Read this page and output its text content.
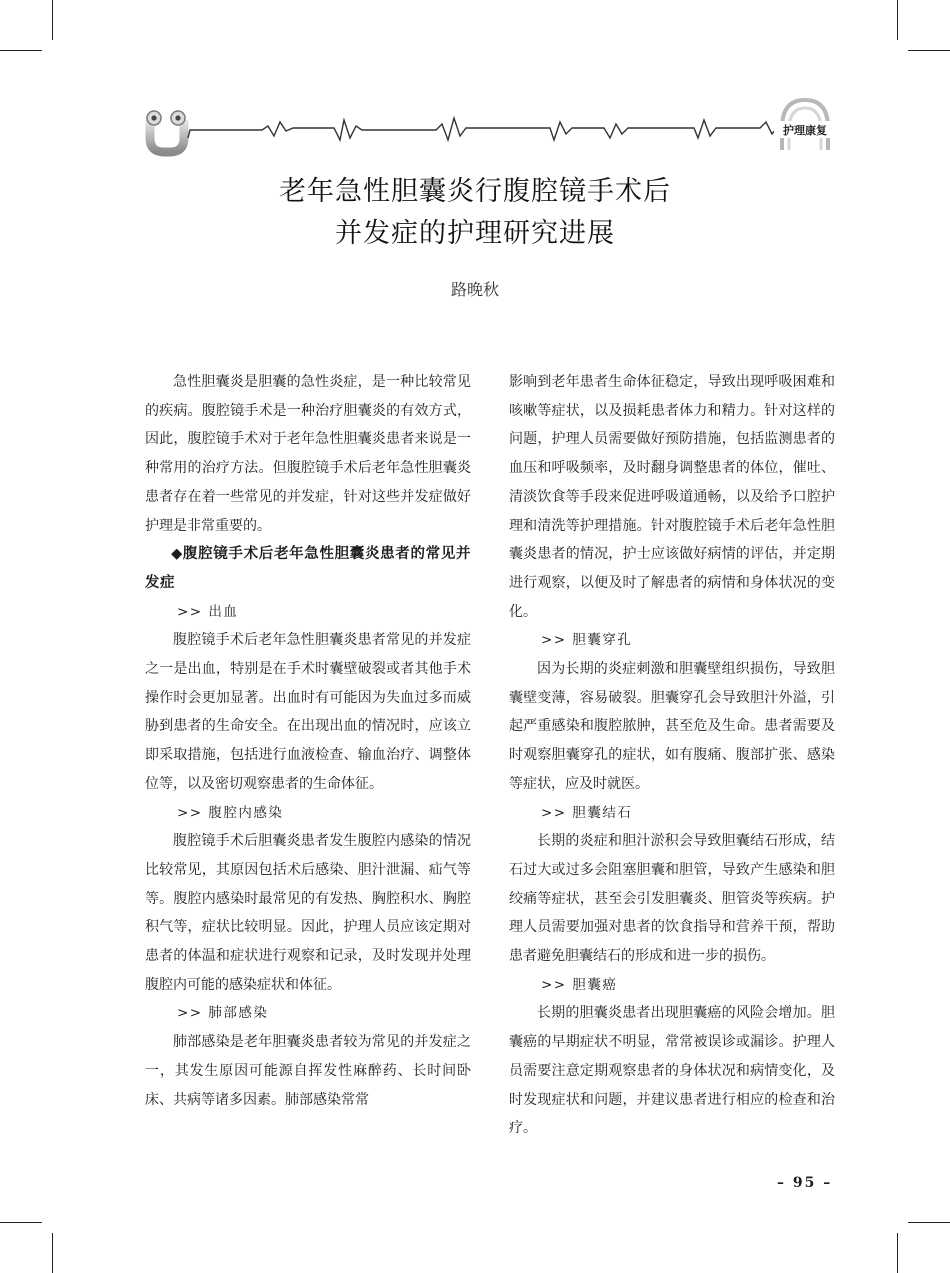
护理康复
老年急性胆囊炎行腹腔镜手术后
并发症的护理研究进展
路晚秋

急性胆囊炎是胆囊的急性炎症，是一种比较常见的疾病。腹腔镜手术是一种治疗胆囊炎的有效方式，因此，腹腔镜手术对于老年急性胆囊炎患者来说是一种常用的治疗方法。但腹腔镜手术后老年急性胆囊炎患者存在着一些常见的并发症，针对这些并发症做好护理是非常重要的。

◆腹腔镜手术后老年急性胆囊炎患者的常见并发症
>> 出血

腹腔镜手术后老年急性胆囊炎患者常见的并发症之一是出血，特别是在手术时囊壁破裂或者其他手术操作时会更加显著。出血时有可能因为失血过多而威胁到患者的生命安全。在出现出血的情况时，应该立即采取措施，包括进行血液检查、输血治疗、调整体位等，以及密切观察患者的生命体征。

>> 腹腔内感染

腹腔镜手术后胆囊炎患者发生腹腔内感染的情况比较常见，其原因包括术后感染、胆汁泄漏、疝气等等。腹腔内感染时最常见的有发热、胸腔积水、胸腔积气等，症状比较明显。因此，护理人员应该定期对患者的体温和症状进行观察和记录，及时发现并处理腹腔内可能的感染症状和体征。

>> 肺部感染

肺部感染是老年胆囊炎患者较为常见的并发症之一，其发生原因可能源自挥发性麻醉药、长时间卧床、共病等诸多因素。肺部感染常常

影响到老年患者生命体征稳定，导致出现呼吸困难和咳嗽等症状，以及损耗患者体力和精力。针对这样的问题，护理人员需要做好预防措施，包括监测患者的血压和呼吸频率，及时翻身调整患者的体位，催吐、清淡饮食等手段来促进呼吸道通畅，以及给予口腔护理和清洗等护理措施。针对腹腔镜手术后老年急性胆囊炎患者的情况，护士应该做好病情的评估，并定期进行观察，以便及时了解患者的病情和身体状况的变化。

>> 胆囊穿孔

因为长期的炎症刺激和胆囊壁组织损伤，导致胆囊壁变薄，容易破裂。胆囊穿孔会导致胆汁外溢，引起严重感染和腹腔脓肿，甚至危及生命。患者需要及时观察胆囊穿孔的症状，如有腹痛、腹部扩张、感染等症状，应及时就医。

>> 胆囊结石

长期的炎症和胆汁淤积会导致胆囊结石形成，结石过大或过多会阻塞胆囊和胆管，导致产生感染和胆绞痛等症状，甚至会引发胆囊炎、胆管炎等疾病。护理人员需要加强对患者的饮食指导和营养干预，帮助患者避免胆囊结石的形成和进一步的损伤。

>> 胆囊癌

长期的胆囊炎患者出现胆囊癌的风险会增加。胆囊癌的早期症状不明显，常常被误诊或漏诊。护理人员需要注意定期观察患者的身体状况和病情变化，及时发现症状和问题，并建议患者进行相应的检查和治疗。

– 95 –
